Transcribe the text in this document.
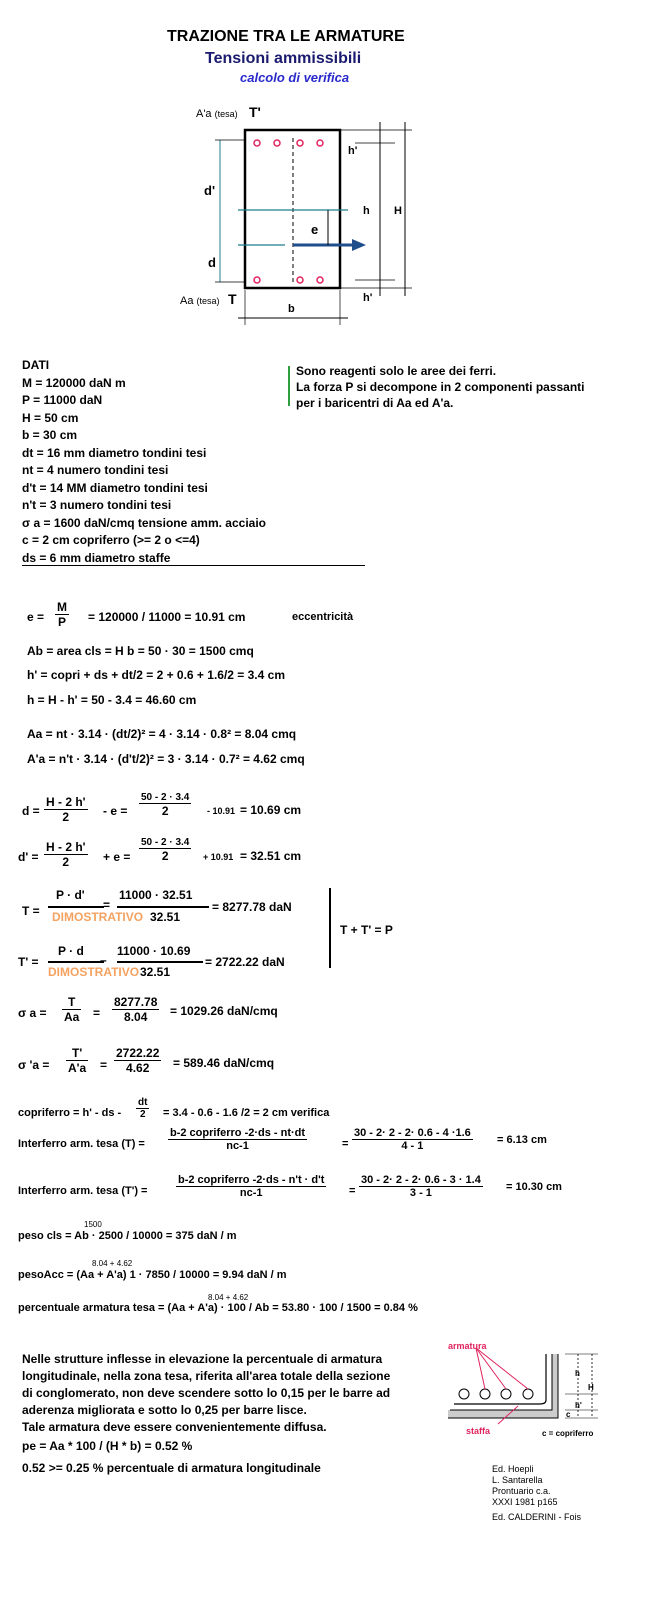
TRAZIONE TRA LE ARMATURE
Tensioni ammissibili
calcolo di verifica
A'a (tesa) T'
Aa (tesa) T
d'
d
e
h'
h H
h'
b
DATI
M = 120000 daN m
P = 11000 daN
H = 50 cm
b = 30 cm
dt = 16 mm diametro tondini tesi
nt = 4 numero tondini tesi
d't = 14 MM diametro tondini tesi
n't = 3 numero tondini tesi
σ a = 1600 daN/cmq tensione amm. acciaio
c = 2 cm copriferro (>= 2 o <=4)
ds = 6 mm diametro staffe
Sono reagenti solo le aree dei ferri.
La forza P si decompone in 2 componenti passanti
per i baricentri di Aa ed A'a.
$e = \frac{M}{P} = 120000 / 11000 = 10.91$ cm	eccentricità
Ab = area cls = H b = 50 · 30 = 1500 cmq
h' = copri + ds + dt/2 = 2 + 0.6 + 1.6/2 = 3.4 cm
h = H - h' = 50 - 3.4 = 46.60 cm
Aa = nt · 3.14 · (dt/2)² = 4 · 3.14 · 0.8² = 8.04 cmq
A'a = n't · 3.14 · (d't/2)² = 3 · 3.14 · 0.7² = 4.62 cmq
$d = \frac{H - 2 h'}{2} - e$ =
50 - 2 · 3.4
2	- 10.91 = 10.69 cm
$d' = \frac{H - 2 h'}{2} + e$ =
50 - 2 · 3.4
2	+ 10.91 = 32.51 cm
T =
P · d'
DIMOSTRATIVO
=
11000 · 32.51
32.51
= 8277.78 daN
T + T' = P
T' =
P · d
DIMOSTRATIVO
–
11000 · 10.69
32.51
= 2722.22 daN
σ $a = \frac{T}{Aa} = \frac{8277.78}{8.04} = 1029.26$ daN/cmq
σ '$a = \frac{T'}{A'a} = \frac{2722.22}{4.62} = 589.46$ daN/cmq
copriferro = h' - ds - $\frac{dt}{2} = 3.4 - 0.6 - 1.6$ /2 = 2 cm verifica
Interferro arm. tesa (T) =
b-2 copriferro -2·ds - nt·dt
nc-1	= $\frac{30 - 2\cdot 2 - 2\cdot 0.6 - 4 \cdot 1.6}{4 - 1} = 6.13$ cm
Interferro arm. tesa (T') =
b-2 copriferro -2·ds - n't · d't
nc-1	= $\frac{30 - 2\cdot 2 - 2\cdot 0.6 - 3 \cdot 1.4}{3 - 1} = 10.30$ cm
1500
peso cls = Ab · 2500 / 10000 = 375 daN / m
8.04 + 4.62
pesoAcc = (Aa + A'a) 1 · 7850 / 10000 = 9.94 daN / m
8.04 + 4.62
percentuale armatura tesa = (Aa + A'a) · 100 / Ab = 53.80 · 100 / 1500 = 0.84 %
Nelle strutture inflesse in elevazione la percentuale di armatura
longitudinale, nella zona tesa, riferita all'area totale della sezione
di conglomerato, non deve scendere sotto lo 0,15 per le barre ad
aderenza migliorata e sotto lo 0,25 per barre lisce.
Tale armatura deve essere convenientemente diffusa.
pe = Aa * 100 / (H * b) = 0.52 %
0.52 >= 0.25 % percentuale di armatura longitudinale
armatura
staffa	c = copriferro
h
H
h'
c
Ed. Hoepli
L. Santarella
Prontuario c.a.
XXXI 1981 p165
Ed. CALDERINI - Fois
